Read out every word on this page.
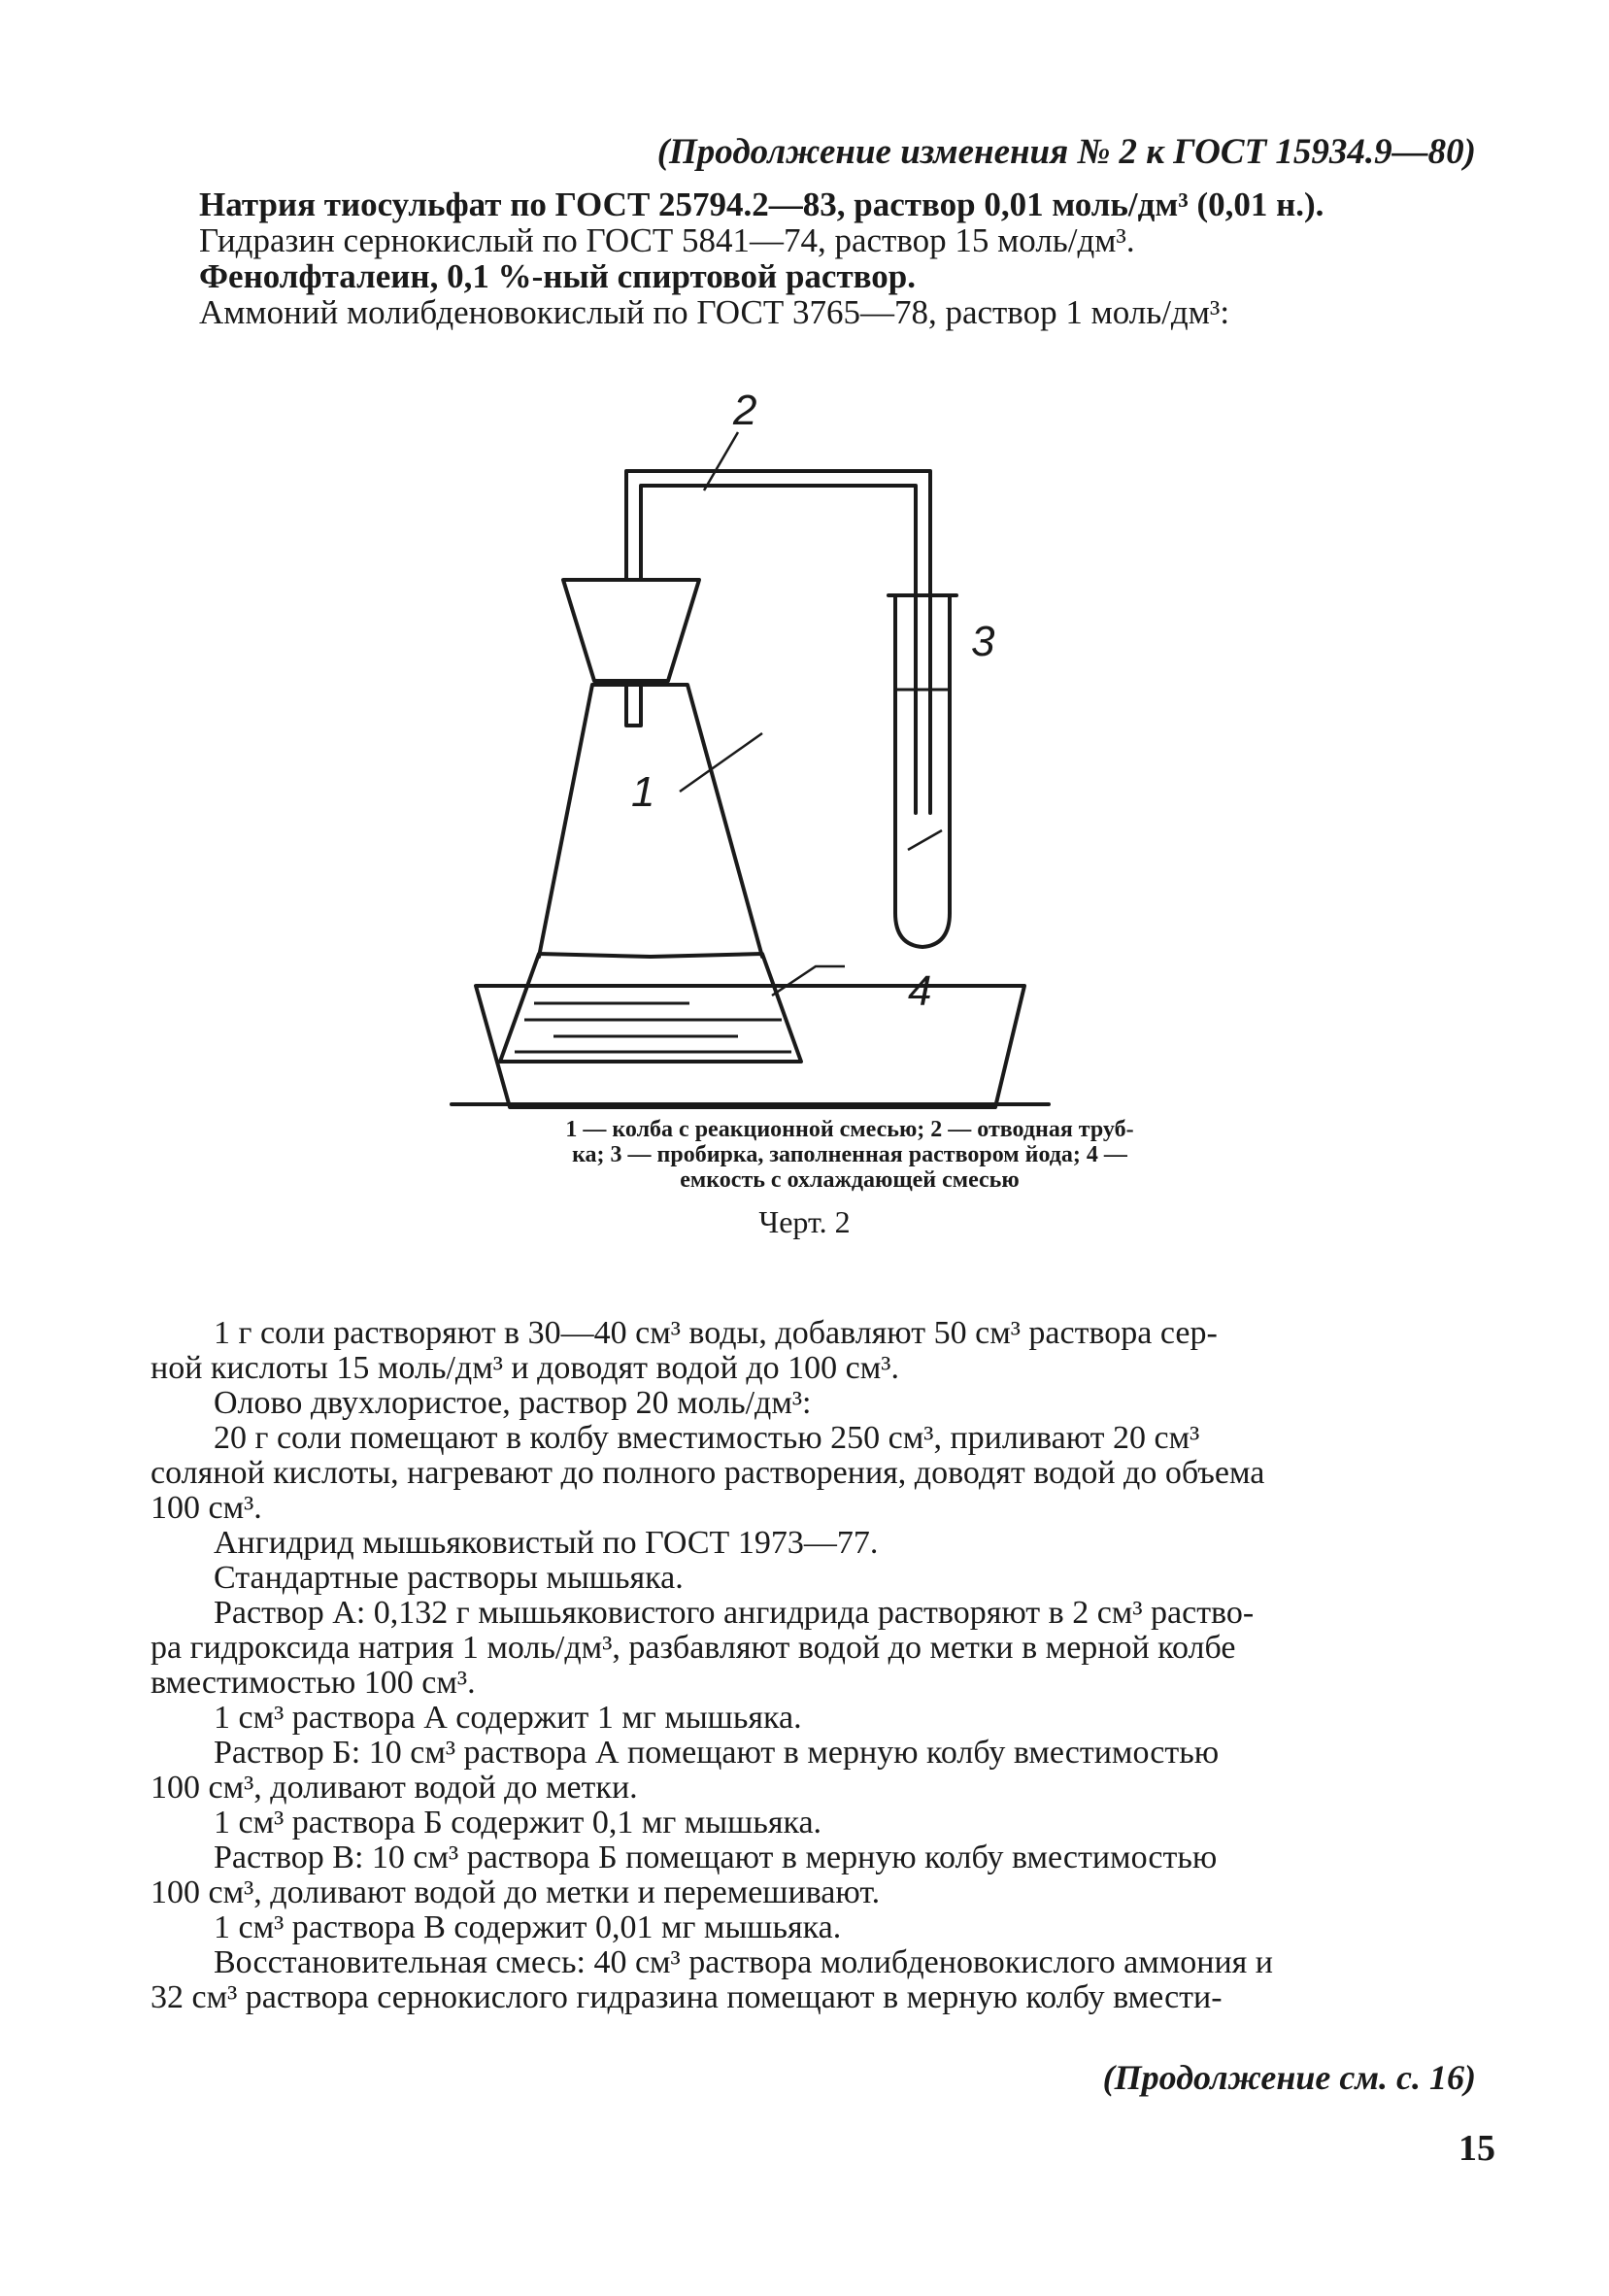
(Продолжение изменения № 2 к ГОСТ 15934.9—80)

Натрия тиосульфат по ГОСТ 25794.2—83, раствор 0,01 моль/дм³ (0,01 н.).

Гидразин сернокислый по ГОСТ 5841—74, раствор 15 моль/дм³.

Фенолфталеин, 0,1 %-ный спиртовой раствор.

Аммоний молибденовокислый по ГОСТ 3765—78, раствор 1 моль/дм³:

1
2
3
4
1 — колба с реакционной смесью; 2 — отводная труб-
ка; 3 — пробирка, заполненная раствором йода; 4 —
емкость с охлаждающей смесью
Черт. 2

1 г соли растворяют в 30—40 см³ воды, добавляют 50 см³ раствора сер-

ной кислоты 15 моль/дм³ и доводят водой до 100 см³.

Олово двухлористое, раствор 20 моль/дм³:

20 г соли помещают в колбу вместимостью 250 см³, приливают 20 см³

соляной кислоты, нагревают до полного растворения, доводят водой до объема

100 см³.

Ангидрид мышьяковистый по ГОСТ 1973—77.

Стандартные растворы мышьяка.

Раствор А: 0,132 г мышьяковистого ангидрида растворяют в 2 см³ раство-

ра гидроксида натрия 1 моль/дм³, разбавляют водой до метки в мерной колбе

вместимостью 100 см³.

1 см³ раствора А содержит 1 мг мышьяка.

Раствор Б: 10 см³ раствора А помещают в мерную колбу вместимостью

100 см³, доливают водой до метки.

1 см³ раствора Б содержит 0,1 мг мышьяка.

Раствор В: 10 см³ раствора Б помещают в мерную колбу вместимостью

100 см³, доливают водой до метки и перемешивают.

1 см³ раствора В содержит 0,01 мг мышьяка.

Восстановительная смесь: 40 см³ раствора молибденовокислого аммония и

32 см³ раствора сернокислого гидразина помещают в мерную колбу вмести-

(Продолжение см. с. 16)
15
